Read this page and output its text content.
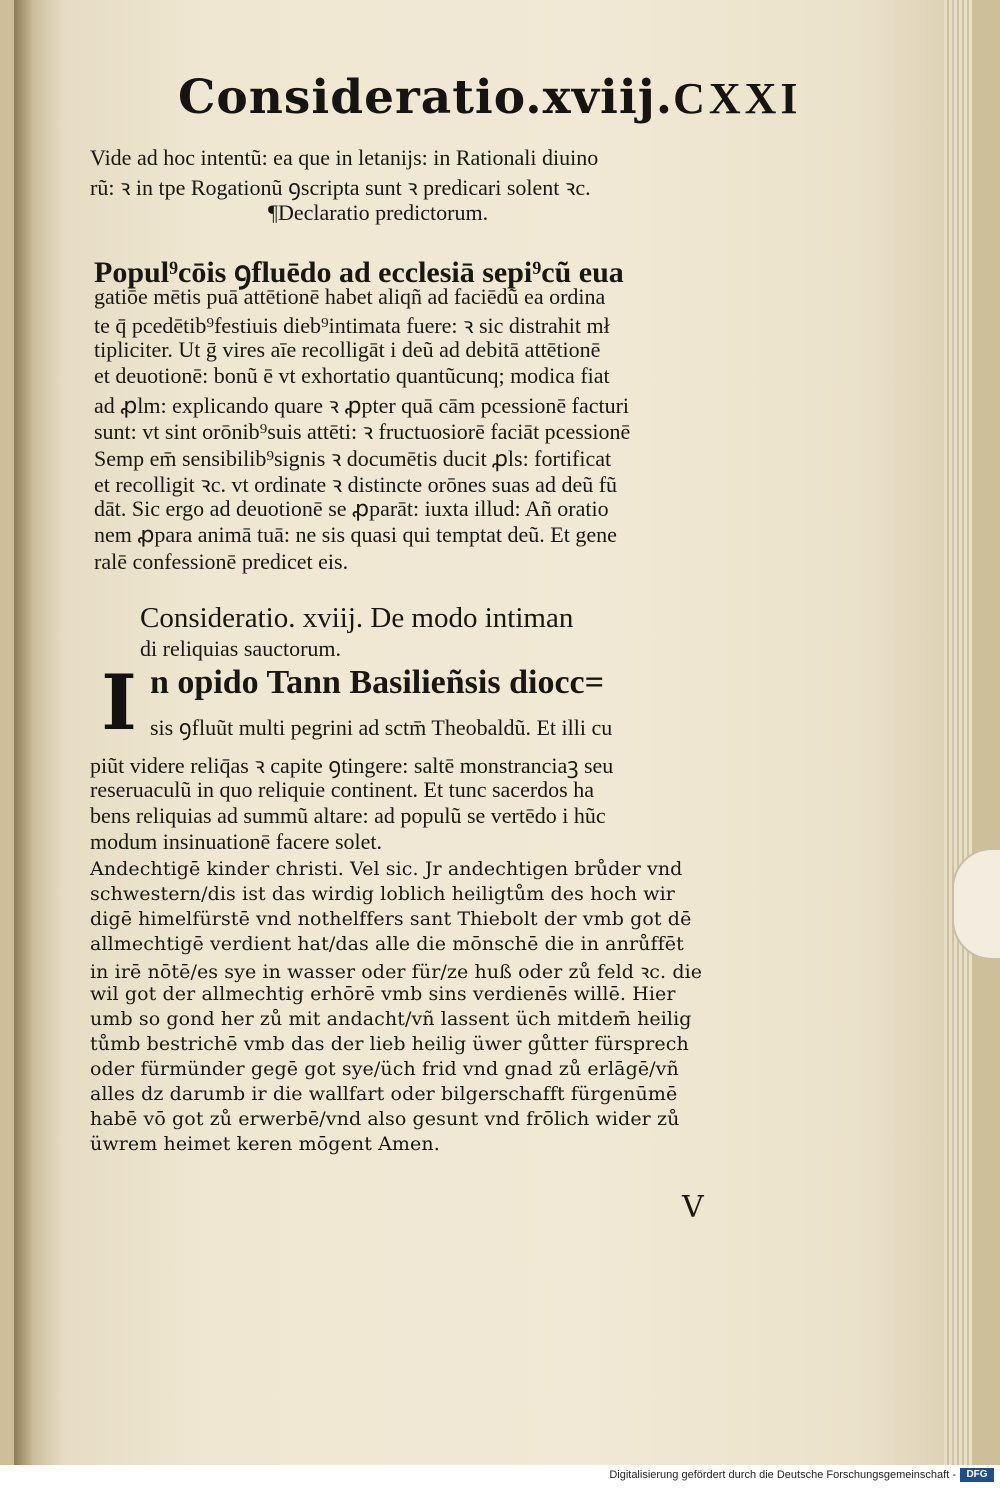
Consideratio.xviij. CXXI
Vide ad hoc intentũ: ea que in letanijs: in Rationali diuino
rũ: ꝛ in tpe Rogationũ ꝯscripta sunt ꝛ predicari solent ꝛc.
¶Declaratio predictorum.
Popul⁹cōis ꝯfluēdo ad ecclesiā sepi⁹cũ eua
gatiōe mētis puā attētionē habet aliqñ ad faciēdũ ea ordina
te q̄ pcedētib⁹festiuis dieb⁹intimata fuere: ꝛ sic distrahit mł
tipliciter. Ut ḡ vires aīe recolligāt i deũ ad debitā attētionē
et deuotionē: bonũ ē vt exhortatio quantũcunq; modica fiat
ad ꝓlm: explicando quare ꝛ ꝓpter quā cām pcessionē facturi
sunt: vt sint orōnib⁹suis attēti: ꝛ fructuosiorē faciāt pcessionē
Semp em̄ sensibilib⁹signis ꝛ documētis ducit ꝓls: fortificat
et recolligit ꝛc. vt ordinate ꝛ distincte orōnes suas ad deũ fũ
dāt. Sic ergo ad deuotionē se ꝓparāt: iuxta illud: Añ oratio
nem ꝓpara animā tuā: ne sis quasi qui temptat deũ. Et gene
ralē confessionē predicet eis.
Consideratio. xviij. De modo intiman
di reliquias sauctorum.
I n opido Tann Basilieñsis diocc=
sis ꝯfluũt multi pegrini ad sctm̄ Theobaldũ. Et illi cu
piũt videre reliq̄as ꝛ capite ꝯtingere: saltē monstranciaꝫ seu
reseruaculũ in quo reliquie continent. Et tunc sacerdos ha
bens reliquias ad summũ altare: ad populũ se vertēdo i hũc
modum insinuationē facere solet.
Andechtigē kinder christi. Vel sic. Jr andechtigen brůder vnd
schwestern/dis ist das wirdig loblich heiligtům des hoch wir
digē himelfürstē vnd nothelffers sant Thiebolt der vmb got dē
allmechtigē verdient hat/das alle die mōnschē die in anrůffēt
in irē nōtē/es sye in wasser oder für/ze huß oder zů feld ꝛc. die
wil got der allmechtig erhōrē vmb sins verdienēs willē. Hier
umb so gond her zů mit andacht/vñ lassent üch mitdem̄ heilig
tůmb bestrichē vmb das der lieb heilig üwer gůtter fürsprech
oder fürmünder gegē got sye/üch frid vnd gnad zů erlāgē/vñ
alles dz darumb ir die wallfart oder bilgerschafft fürgenūmē
habē vō got zů erwerbē/vnd also gesunt vnd frōlich wider zů
üwrem heimet keren mōgent Amen.
V
Digitalisierung gefördert durch die Deutsche Forschungsgemeinschaft -	DFG
